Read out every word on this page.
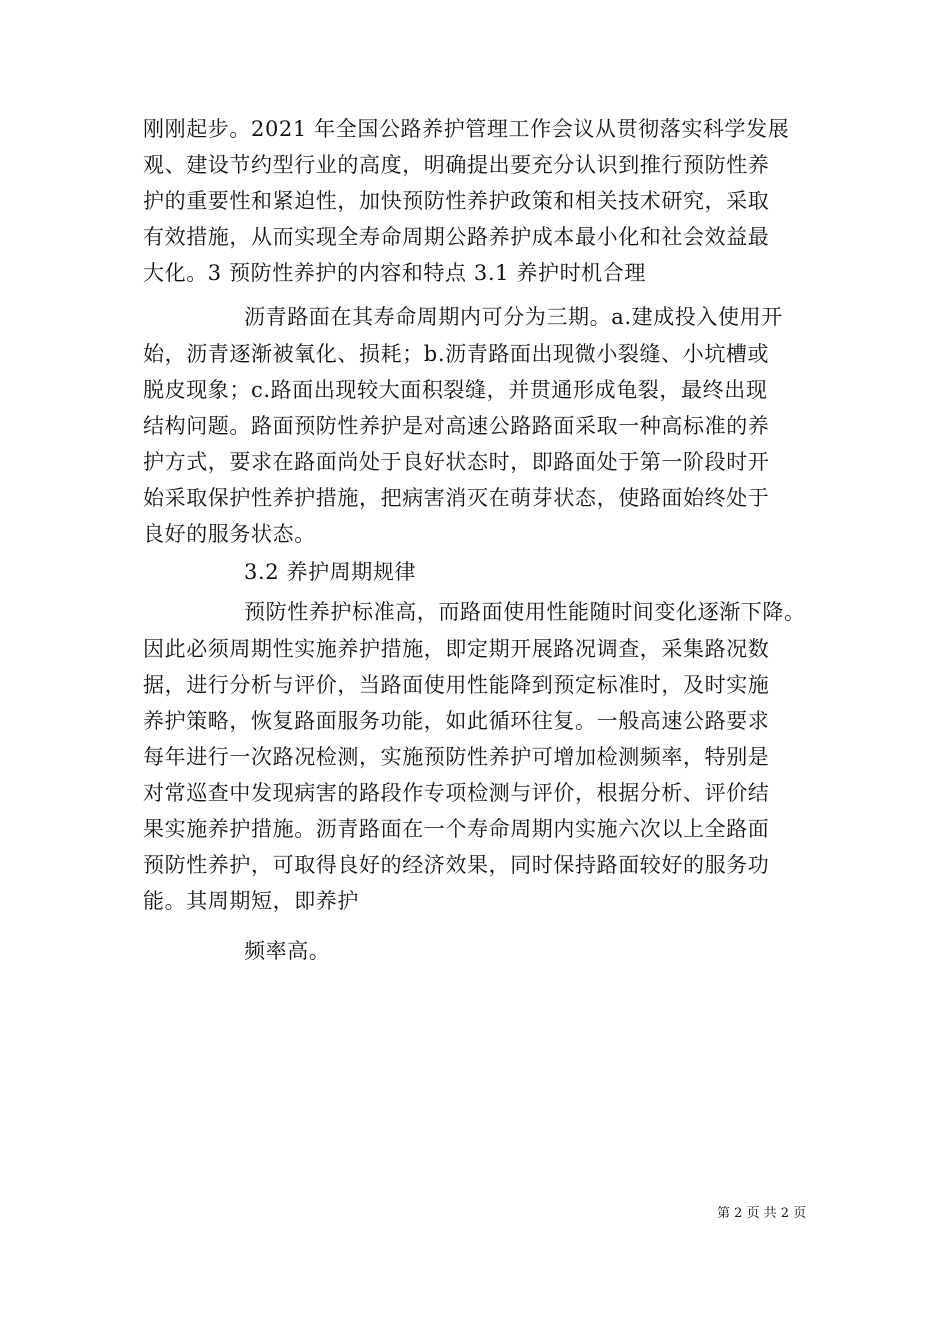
刚刚起步。2021 年全国公路养护管理工作会议从贯彻落实科学发展
观、建设节约型行业的高度，明确提出要充分认识到推行预防性养
护的重要性和紧迫性，加快预防性养护政策和相关技术研究，采取
有效措施，从而实现全寿命周期公路养护成本最小化和社会效益最
大化。3 预防性养护的内容和特点 3.1 养护时机合理
沥青路面在其寿命周期内可分为三期。a.建成投入使用开
始，沥青逐渐被氧化、损耗；b.沥青路面出现微小裂缝、小坑槽或
脱皮现象；c.路面出现较大面积裂缝，并贯通形成龟裂，最终出现
结构问题。路面预防性养护是对高速公路路面采取一种高标准的养
护方式，要求在路面尚处于良好状态时，即路面处于第一阶段时开
始采取保护性养护措施，把病害消灭在萌芽状态，使路面始终处于
良好的服务状态。
3.2 养护周期规律
预防性养护标准高，而路面使用性能随时间变化逐渐下降。
因此必须周期性实施养护措施，即定期开展路况调查，采集路况数
据，进行分析与评价，当路面使用性能降到预定标准时，及时实施
养护策略，恢复路面服务功能，如此循环往复。一般高速公路要求
每年进行一次路况检测，实施预防性养护可增加检测频率，特别是
对常巡查中发现病害的路段作专项检测与评价，根据分析、评价结
果实施养护措施。沥青路面在一个寿命周期内实施六次以上全路面
预防性养护，可取得良好的经济效果，同时保持路面较好的服务功
能。其周期短，即养护
频率高。
第 2 页 共 2 页
